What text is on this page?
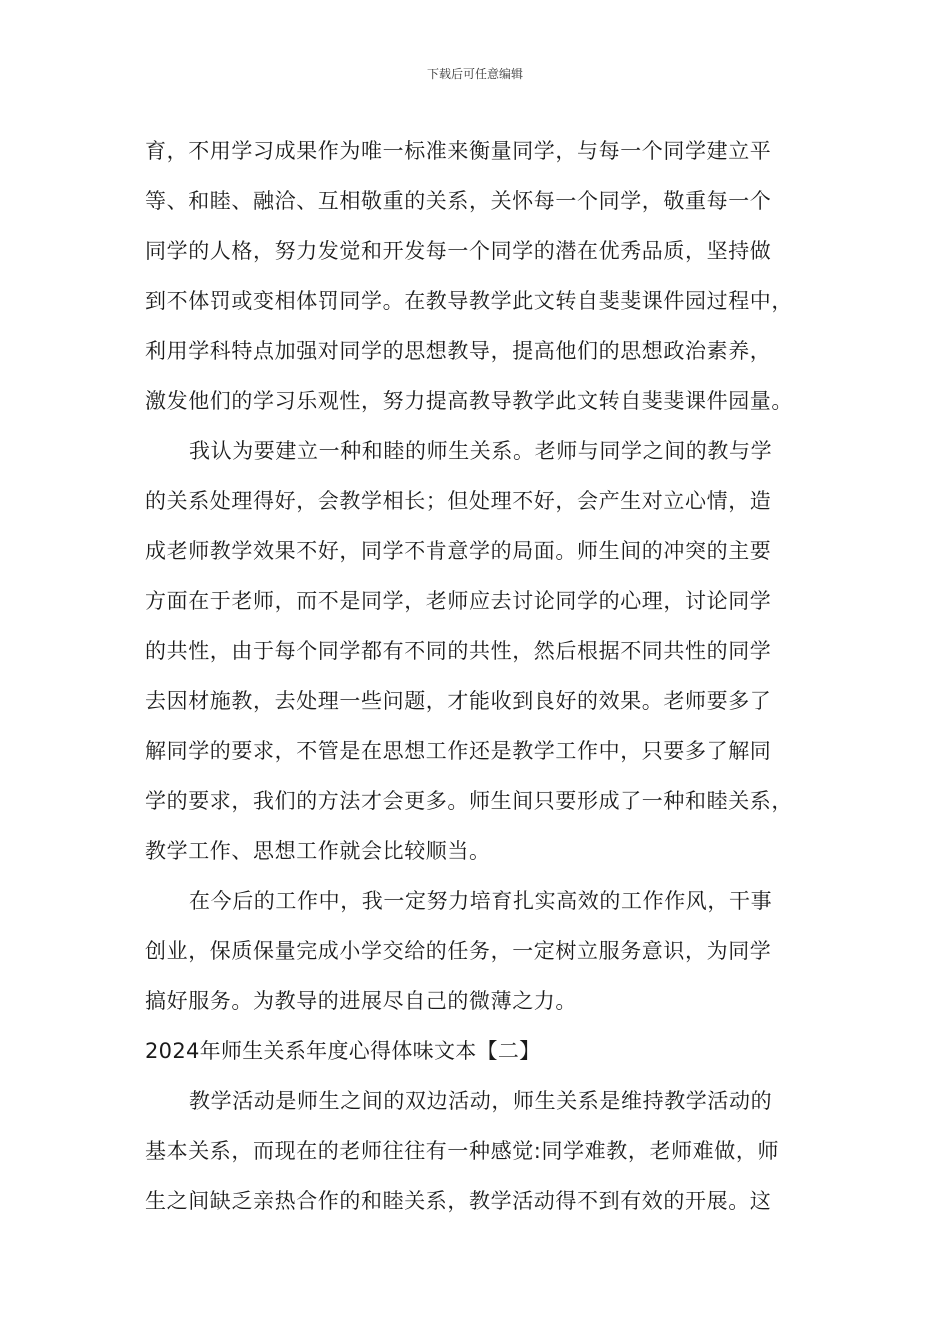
下载后可任意编辑
育，不用学习成果作为唯一标准来衡量同学，与每一个同学建立平
等、和睦、融洽、互相敬重的关系，关怀每一个同学，敬重每一个
同学的人格，努力发觉和开发每一个同学的潜在优秀品质，坚持做
到不体罚或变相体罚同学。在教导教学此文转自斐斐课件园过程中，
利用学科特点加强对同学的思想教导，提高他们的思想政治素养，
激发他们的学习乐观性，努力提高教导教学此文转自斐斐课件园量。
我认为要建立一种和睦的师生关系。老师与同学之间的教与学
的关系处理得好，会教学相长；但处理不好，会产生对立心情，造
成老师教学效果不好，同学不肯意学的局面。师生间的冲突的主要
方面在于老师，而不是同学，老师应去讨论同学的心理，讨论同学
的共性，由于每个同学都有不同的共性，然后根据不同共性的同学
去因材施教，去处理一些问题，才能收到良好的效果。老师要多了
解同学的要求，不管是在思想工作还是教学工作中，只要多了解同
学的要求，我们的方法才会更多。师生间只要形成了一种和睦关系，
教学工作、思想工作就会比较顺当。
在今后的工作中，我一定努力培育扎实高效的工作作风，干事
创业，保质保量完成小学交给的任务，一定树立服务意识，为同学
搞好服务。为教导的进展尽自己的微薄之力。
2024年师生关系年度心得体味文本【二】
教学活动是师生之间的双边活动，师生关系是维持教学活动的
基本关系，而现在的老师往往有一种感觉:同学难教，老师难做，师
生之间缺乏亲热合作的和睦关系，教学活动得不到有效的开展。这
